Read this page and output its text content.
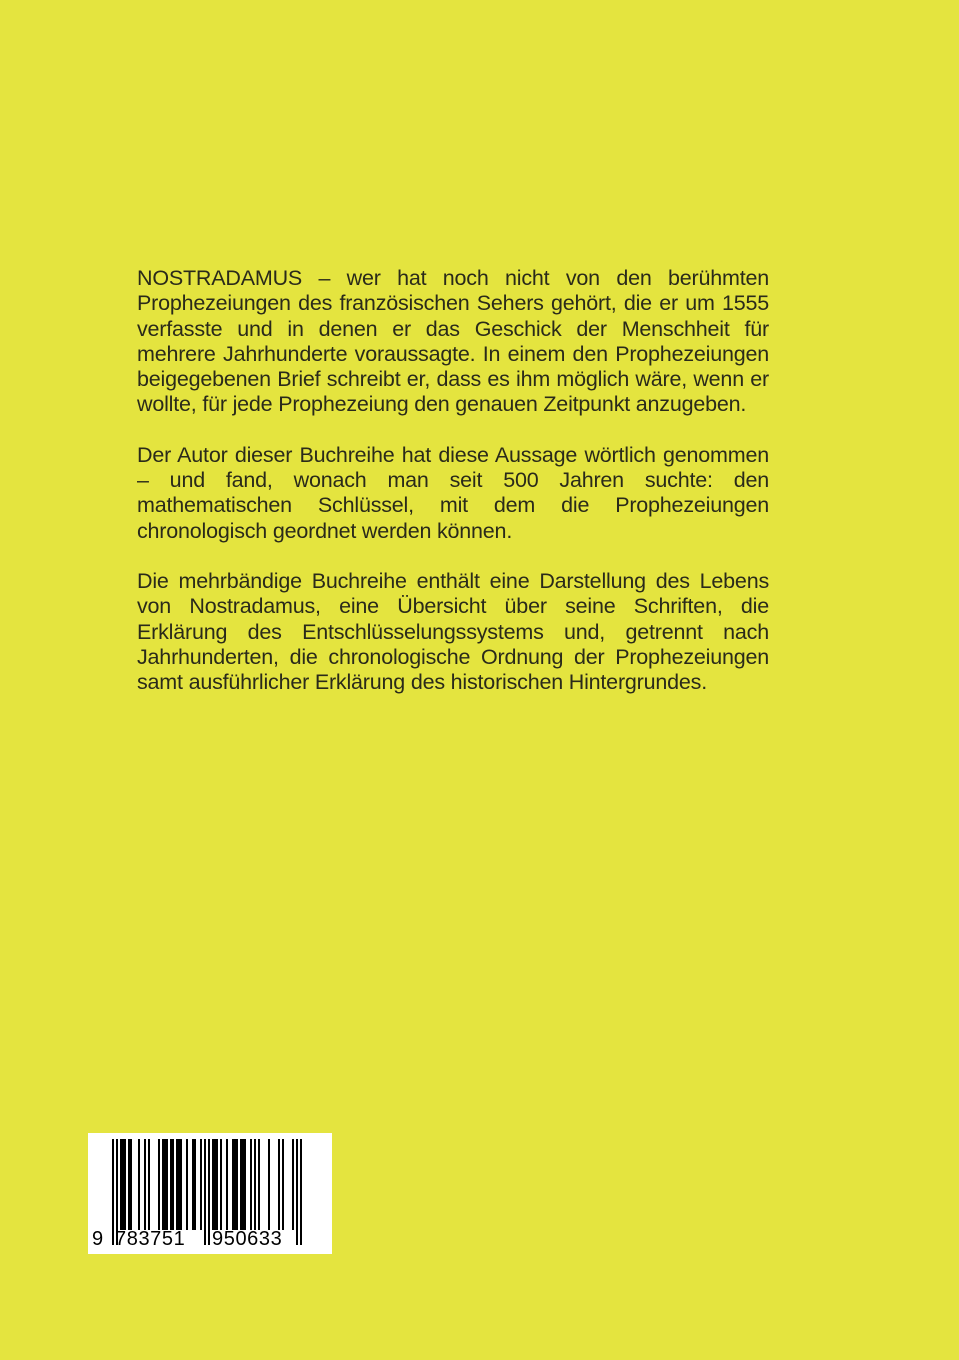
NOSTRADAMUS – wer hat noch nicht von den berühmten Prophezeiungen des französischen Sehers gehört, die er um 1555 verfasste und in denen er das Geschick der Menschheit für mehrere Jahrhunderte voraussagte. In einem den Prophezeiungen beigegebenen Brief schreibt er, dass es ihm möglich wäre, wenn er wollte, für jede Prophezeiung den genauen Zeitpunkt anzugeben.

Der Autor dieser Buchreihe hat diese Aussage wörtlich genommen – und fand, wonach man seit 500 Jahren suchte: den mathematischen Schlüssel, mit dem die Prophezeiungen chronologisch geordnet werden können.

Die mehrbändige Buchreihe enthält eine Darstellung des Lebens von Nostradamus, eine Übersicht über seine Schriften, die Erklärung des Entschlüsselungssystems und, getrennt nach Jahrhunderten, die chronologische Ordnung der Prophezeiungen samt ausführlicher Erklärung des historischen Hintergrundes.

9 783751 950633
